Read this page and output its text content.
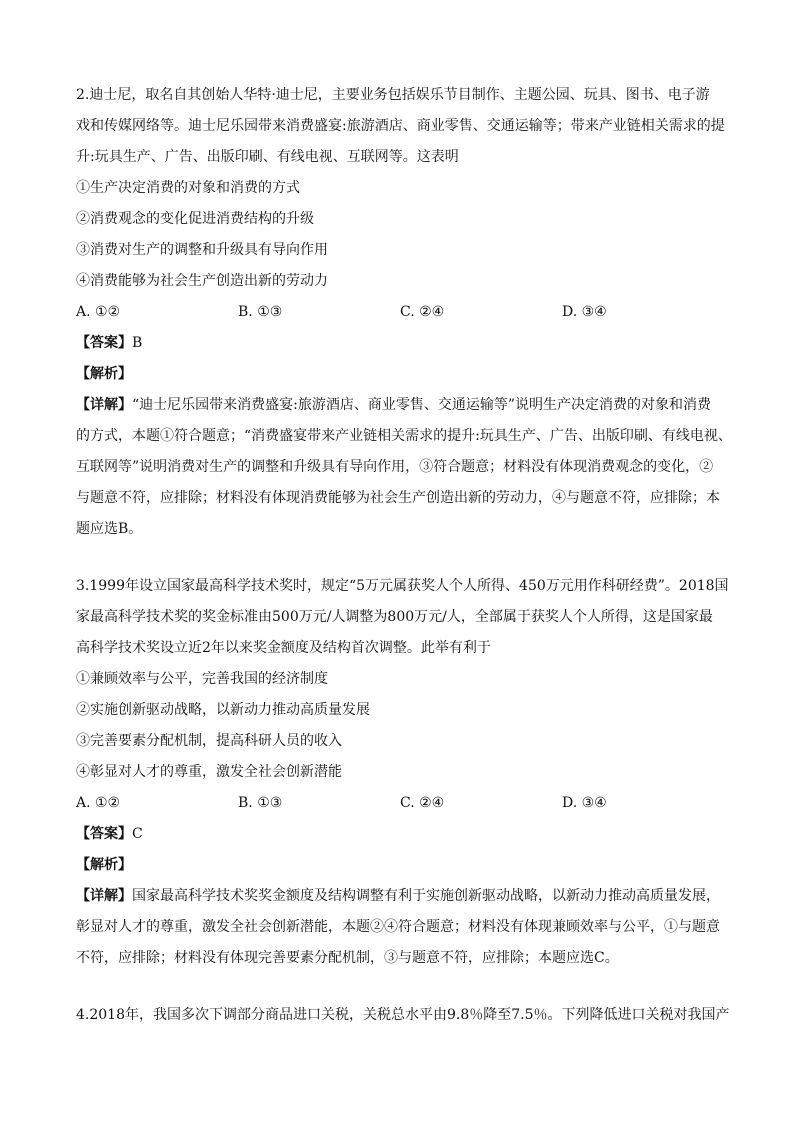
2.迪士尼，取名自其创始人华特·迪士尼，主要业务包括娱乐节目制作、主题公园、玩具、图书、电子游
戏和传媒网络等。迪士尼乐园带来消费盛宴:旅游酒店、商业零售、交通运输等；带来产业链相关需求的提
升:玩具生产、广告、出版印刷、有线电视、互联网等。这表明

①生产决定消费的对象和消费的方式

②消费观念的变化促进消费结构的升级

③消费对生产的调整和升级具有导向作用

④消费能够为社会生产创造出新的劳动力

A. ①②	B. ①③	C. ②④	D. ③④

【答案】B

【解析】

【详解】“迪士尼乐园带来消费盛宴:旅游酒店、商业零售、交通运输等”说明生产决定消费的对象和消费
的方式，本题①符合题意；“消费盛宴带来产业链相关需求的提升:玩具生产、广告、出版印刷、有线电视、
互联网等”说明消费对生产的调整和升级具有导向作用，③符合题意；材料没有体现消费观念的变化，②
与题意不符，应排除；材料没有体现消费能够为社会生产创造出新的劳动力，④与题意不符，应排除；本
题应选B。

3.1999年设立国家最高科学技术奖时，规定“5万元属获奖人个人所得、450万元用作科研经费”。2018国
家最高科学技术奖的奖金标准由500万元/人调整为800万元/人，全部属于获奖人个人所得，这是国家最
高科学技术奖设立近2年以来奖金额度及结构首次调整。此举有利于

①兼顾效率与公平，完善我国的经济制度

②实施创新驱动战略，以新动力推动高质量发展

③完善要素分配机制，提高科研人员的收入

④彰显对人才的尊重，激发全社会创新潜能

A. ①②	B. ①③	C. ②④	D. ③④

【答案】C

【解析】

【详解】国家最高科学技术奖奖金额度及结构调整有利于实施创新驱动战略，以新动力推动高质量发展，
彰显对人才的尊重，激发全社会创新潜能，本题②④符合题意；材料没有体现兼顾效率与公平，①与题意
不符，应排除；材料没有体现完善要素分配机制，③与题意不符，应排除；本题应选C。

4.2018年，我国多次下调部分商品进口关税，关税总水平由9.8％降至7.5％。下列降低进口关税对我国产
